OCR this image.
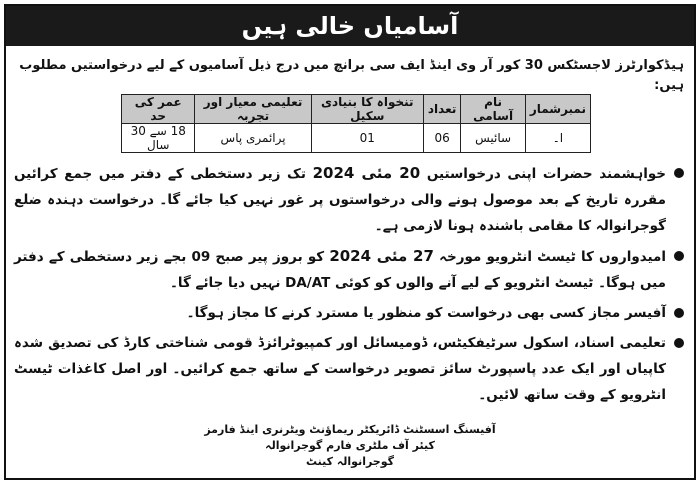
آسامیاں خالی ہیں
ہیڈکوارٹرز لاجسٹکس 30 کور آر وی اینڈ ایف سی برانچ میں درج ذیل آسامیوں کے لیے درخواستیں مطلوب ہیں:
نمبرشمار	نام آسامی	تعداد	تنخواہ کا بنیادی سکیل	تعلیمی معیار اور تجربہ	عمر کی حد
ا۔	سائیس	06	01	پرائمری پاس	18 سے 30 سال
خواہشمند حضرات اپنی درخواستیں 20 مئی 2024 تک زیر دستخطی کے دفتر میں جمع کرائیں مقررہ تاریخ کے بعد موصول ہونے والی درخواستوں پر غور نہیں کیا جائے گا۔ درخواست دہندہ ضلع گوجرانوالہ کا مقامی باشندہ ہونا لازمی ہے۔
امیدواروں کا ٹیسٹ انٹرویو مورخہ 27 مئی 2024 کو بروز پیر صبح 09 بجے زیر دستخطی کے دفتر میں ہوگا۔ ٹیسٹ انٹرویو کے لیے آنے والوں کو کوئی DA/AT نہیں دیا جائے گا۔
آفیسر مجاز کسی بھی درخواست کو منظور یا مسترد کرنے کا مجاز ہوگا۔
تعلیمی اسناد، اسکول سرٹیفکیٹس، ڈومیسائل اور کمپیوٹرائزڈ قومی شناختی کارڈ کی تصدیق شدہ کاپیاں اور ایک عدد پاسپورٹ سائز تصویر درخواست کے ساتھ جمع کرائیں۔ اور اصل کاغذات ٹیسٹ انٹرویو کے وقت ساتھ لائیں۔
آفیسنگ اسسٹنٹ ڈائریکٹر ریماؤنٹ ویٹرنری اینڈ فارمز
کیئر آف ملٹری فارم گوجرانوالہ
گوجرانوالہ کینٹ
